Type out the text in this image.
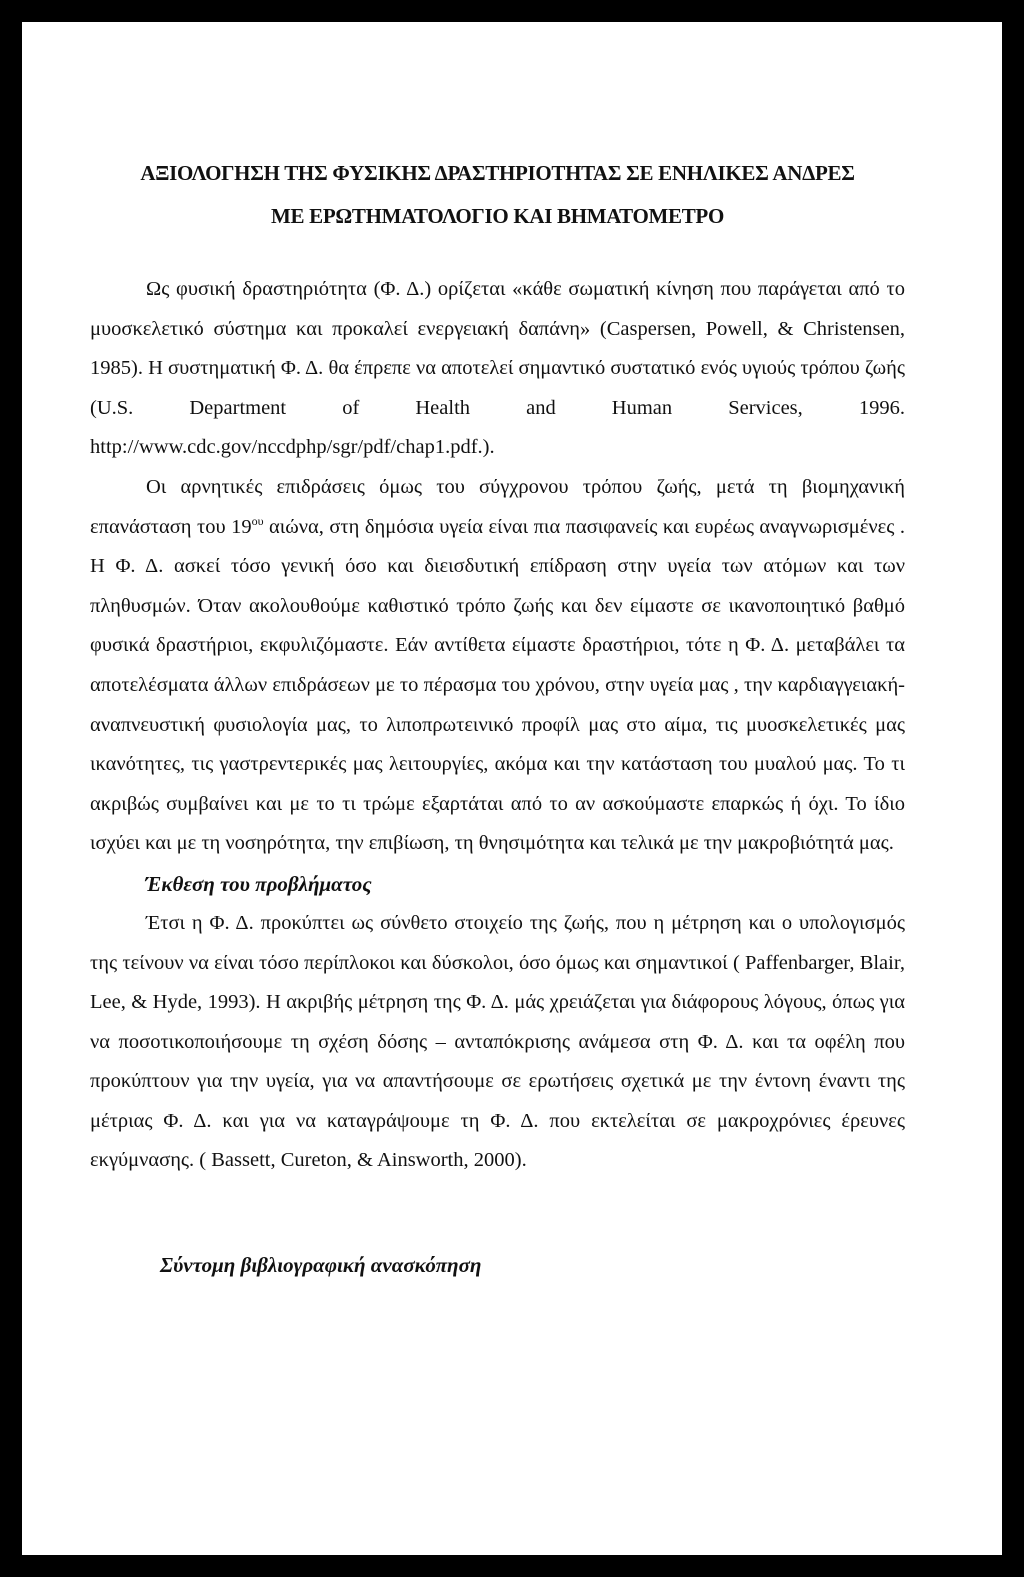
ΑΞΙΟΛΟΓΗΣΗ ΤΗΣ ΦΥΣΙΚΗΣ ΔΡΑΣΤΗΡΙΟΤΗΤΑΣ ΣΕ ΕΝΗΛΙΚΕΣ ΑΝΔΡΕΣ
ΜΕ ΕΡΩΤΗΜΑΤΟΛΟΓΙΟ ΚΑΙ ΒΗΜΑΤΟΜΕΤΡΟ

Ως φυσική δραστηριότητα (Φ. Δ.) ορίζεται «κάθε σωματική κίνηση που παράγεται από το μυοσκελετικό σύστημα και προκαλεί ενεργειακή δαπάνη» (Caspersen, Powell, & Christensen, 1985). Η συστηματική Φ. Δ. θα έπρεπε να αποτελεί σημαντικό συστατικό ενός υγιούς τρόπου ζωής (U.S. Department of Health and Human Services, 1996. http://www.cdc.gov/nccdphp/sgr/pdf/chap1.pdf.).

Οι αρνητικές επιδράσεις όμως του σύγχρονου τρόπου ζωής, μετά τη βιομηχανική επανάσταση του $19^{o\upsilon}$ αιώνα, στη δημόσια υγεία είναι πια πασιφανείς και ευρέως αναγνωρισμένες . Η Φ. Δ. ασκεί τόσο γενική όσο και διεισδυτική επίδραση στην υγεία των ατόμων και των πληθυσμών. Όταν ακολουθούμε καθιστικό τρόπο ζωής και δεν είμαστε σε ικανοποιητικό βαθμό φυσικά δραστήριοι, εκφυλιζόμαστε. Εάν αντίθετα είμαστε δραστήριοι, τότε η Φ. Δ. μεταβάλει τα αποτελέσματα άλλων επιδράσεων με το πέρασμα του χρόνου, στην υγεία μας , την καρδιαγγειακή-αναπνευστική φυσιολογία μας, το λιποπρωτεινικό προφίλ μας στο αίμα, τις μυοσκελετικές μας ικανότητες, τις γαστρεντερικές μας λειτουργίες, ακόμα και την κατάσταση του μυαλού μας. Το τι ακριβώς συμβαίνει και με το τι τρώμε εξαρτάται από το αν ασκούμαστε επαρκώς ή όχι. Το ίδιο ισχύει και με τη νοσηρότητα, την επιβίωση, τη θνησιμότητα και τελικά με την μακροβιότητά μας.

Έκθεση του προβλήματος

Έτσι η Φ. Δ. προκύπτει ως σύνθετο στοιχείο της ζωής, που η μέτρηση και ο υπολογισμός της τείνουν να είναι τόσο περίπλοκοι και δύσκολοι, όσο όμως και σημαντικοί ( Paffenbarger, Blair, Lee, & Hyde, 1993). Η ακριβής μέτρηση της Φ. Δ. μάς χρειάζεται για διάφορους λόγους, όπως για να ποσοτικοποιήσουμε τη σχέση δόσης – ανταπόκρισης ανάμεσα στη Φ. Δ. και τα οφέλη που προκύπτουν για την υγεία, για να απαντήσουμε σε ερωτήσεις σχετικά με την έντονη έναντι της μέτριας Φ. Δ. και για να καταγράψουμε τη Φ. Δ. που εκτελείται σε μακροχρόνιες έρευνες εκγύμνασης. ( Bassett, Cureton, & Ainsworth, 2000).

Σύντομη βιβλιογραφική ανασκόπηση
